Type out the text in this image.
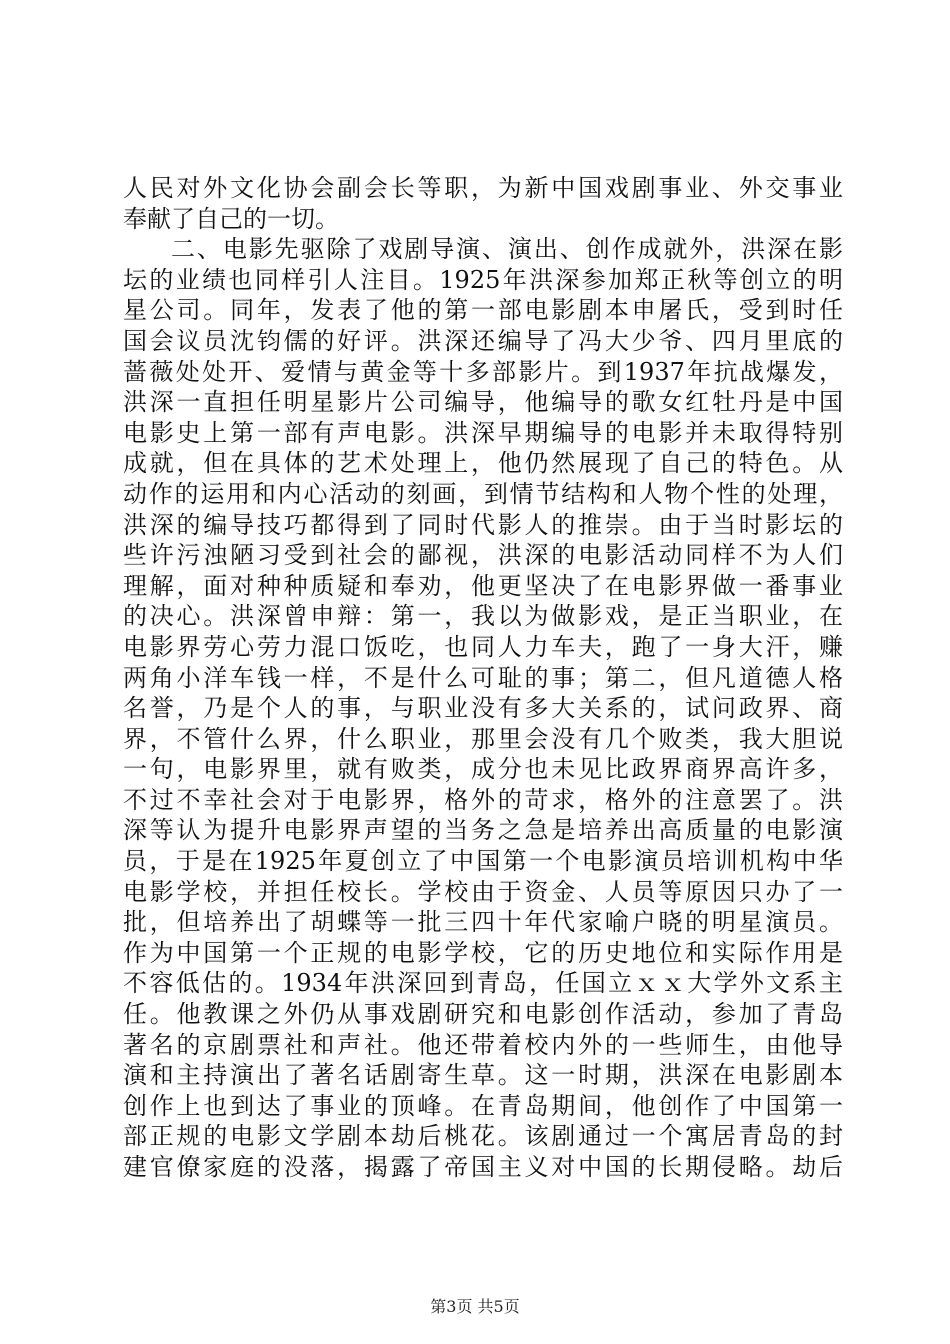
人民对外文化协会副会长等职，为新中国戏剧事业、外交事业
奉献了自己的一切。
二、电影先驱除了戏剧导演、演出、创作成就外，洪深在影
坛的业绩也同样引人注目。1925年洪深参加郑正秋等创立的明
星公司。同年，发表了他的第一部电影剧本申屠氏，受到时任
国会议员沈钧儒的好评。洪深还编导了冯大少爷、四月里底的
蔷薇处处开、爱情与黄金等十多部影片。到1937年抗战爆发，
洪深一直担任明星影片公司编导，他编导的歌女红牡丹是中国
电影史上第一部有声电影。洪深早期编导的电影并未取得特别
成就，但在具体的艺术处理上，他仍然展现了自己的特色。从
动作的运用和内心活动的刻画，到情节结构和人物个性的处理，
洪深的编导技巧都得到了同时代影人的推崇。由于当时影坛的
些许污浊陋习受到社会的鄙视，洪深的电影活动同样不为人们
理解，面对种种质疑和奉劝，他更坚决了在电影界做一番事业
的决心。洪深曾申辩：第一，我以为做影戏，是正当职业，在
电影界劳心劳力混口饭吃，也同人力车夫，跑了一身大汗，赚
两角小洋车钱一样，不是什么可耻的事；第二，但凡道德人格
名誉，乃是个人的事，与职业没有多大关系的，试问政界、商
界，不管什么界，什么职业，那里会没有几个败类，我大胆说
一句，电影界里，就有败类，成分也未见比政界商界高许多，
不过不幸社会对于电影界，格外的苛求，格外的注意罢了。洪
深等认为提升电影界声望的当务之急是培养出高质量的电影演
员，于是在1925年夏创立了中国第一个电影演员培训机构中华
电影学校，并担任校长。学校由于资金、人员等原因只办了一
批，但培养出了胡蝶等一批三四十年代家喻户晓的明星演员。
作为中国第一个正规的电影学校，它的历史地位和实际作用是
不容低估的。1934年洪深回到青岛，任国立ｘｘ大学外文系主
任。他教课之外仍从事戏剧研究和电影创作活动，参加了青岛
著名的京剧票社和声社。他还带着校内外的一些师生，由他导
演和主持演出了著名话剧寄生草。这一时期，洪深在电影剧本
创作上也到达了事业的顶峰。在青岛期间，他创作了中国第一
部正规的电影文学剧本劫后桃花。该剧通过一个寓居青岛的封
建官僚家庭的没落，揭露了帝国主义对中国的长期侵略。劫后
第3页 共5页
